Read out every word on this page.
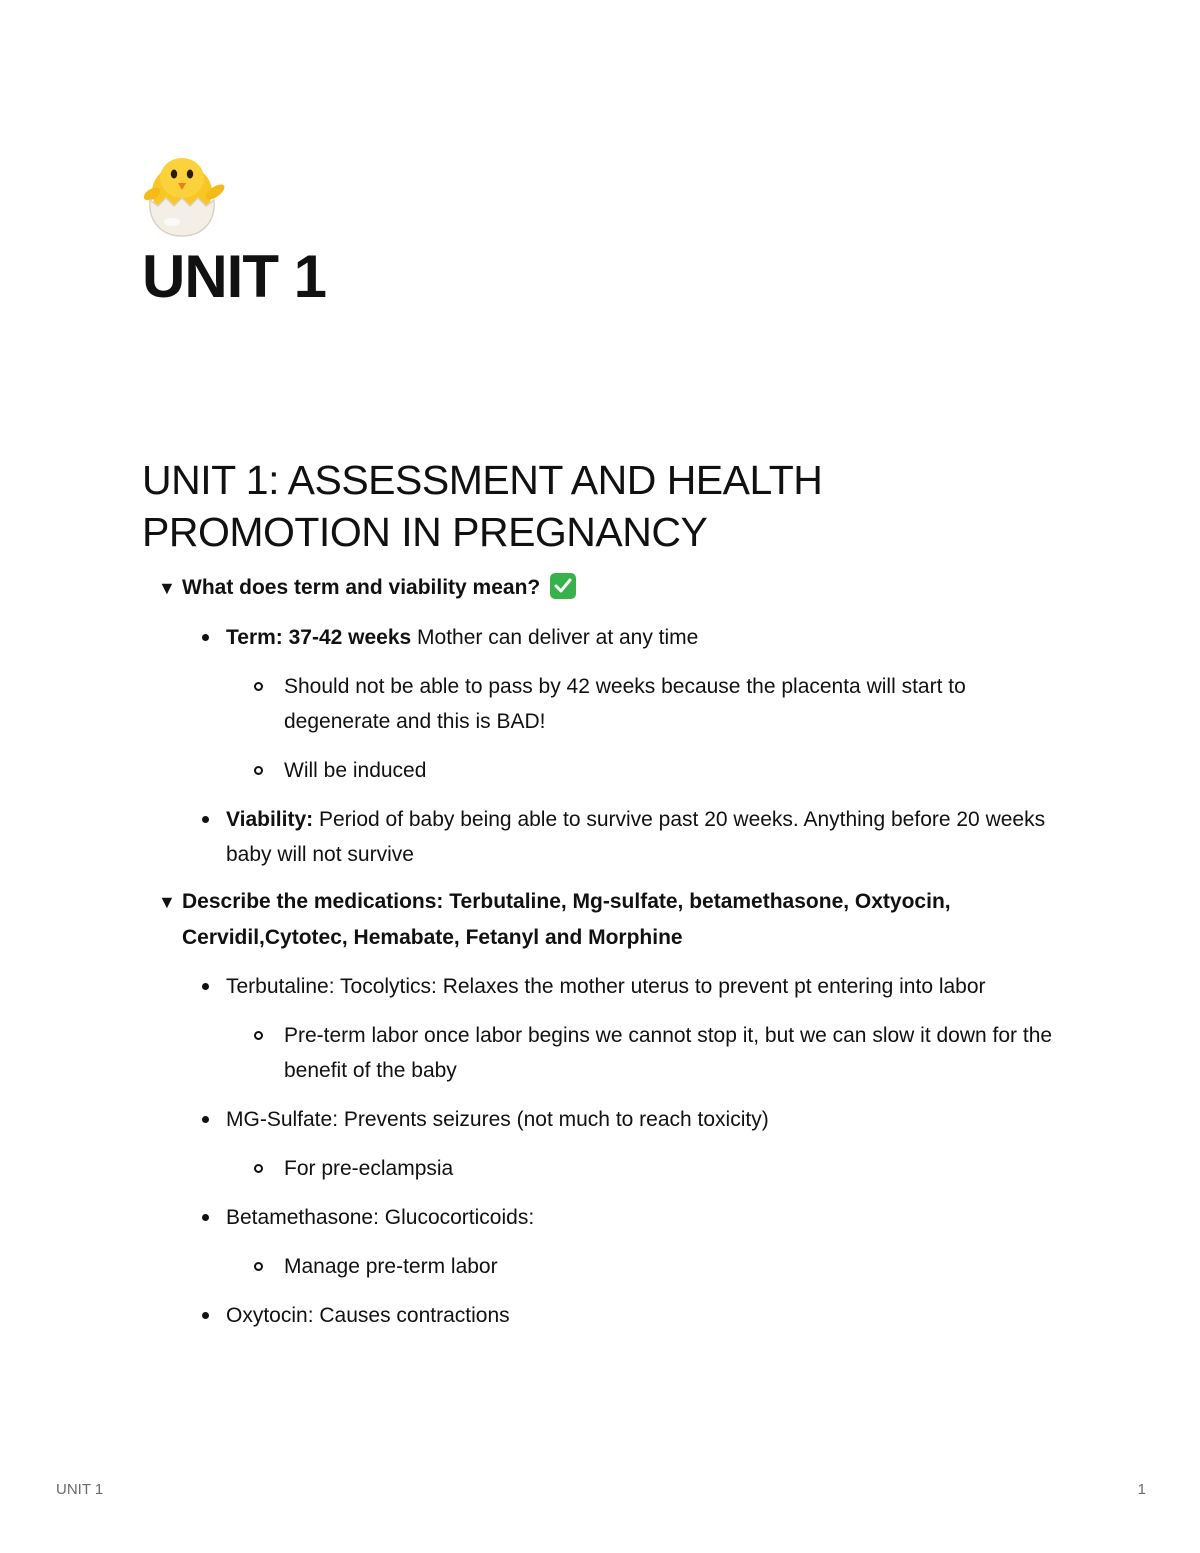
UNIT 1
UNIT 1: ASSESSMENT AND HEALTH PROMOTION IN PREGNANCY
▼ What does term and viability mean?
Term: 37-42 weeks Mother can deliver at any time
Should not be able to pass by 42 weeks because the placenta will start to degenerate and this is BAD!
Will be induced
Viability: Period of baby being able to survive past 20 weeks. Anything before 20 weeks baby will not survive
▼ Describe the medications: Terbutaline, Mg-sulfate, betamethasone, Oxtyocin, Cervidil,Cytotec, Hemabate, Fetanyl and Morphine
Terbutaline: Tocolytics: Relaxes the mother uterus to prevent pt entering into labor
Pre-term labor once labor begins we cannot stop it, but we can slow it down for the benefit of the baby
MG-Sulfate: Prevents seizures (not much to reach toxicity)
For pre-eclampsia
Betamethasone: Glucocorticoids:
Manage pre-term labor
Oxytocin: Causes contractions
UNIT 1	1
